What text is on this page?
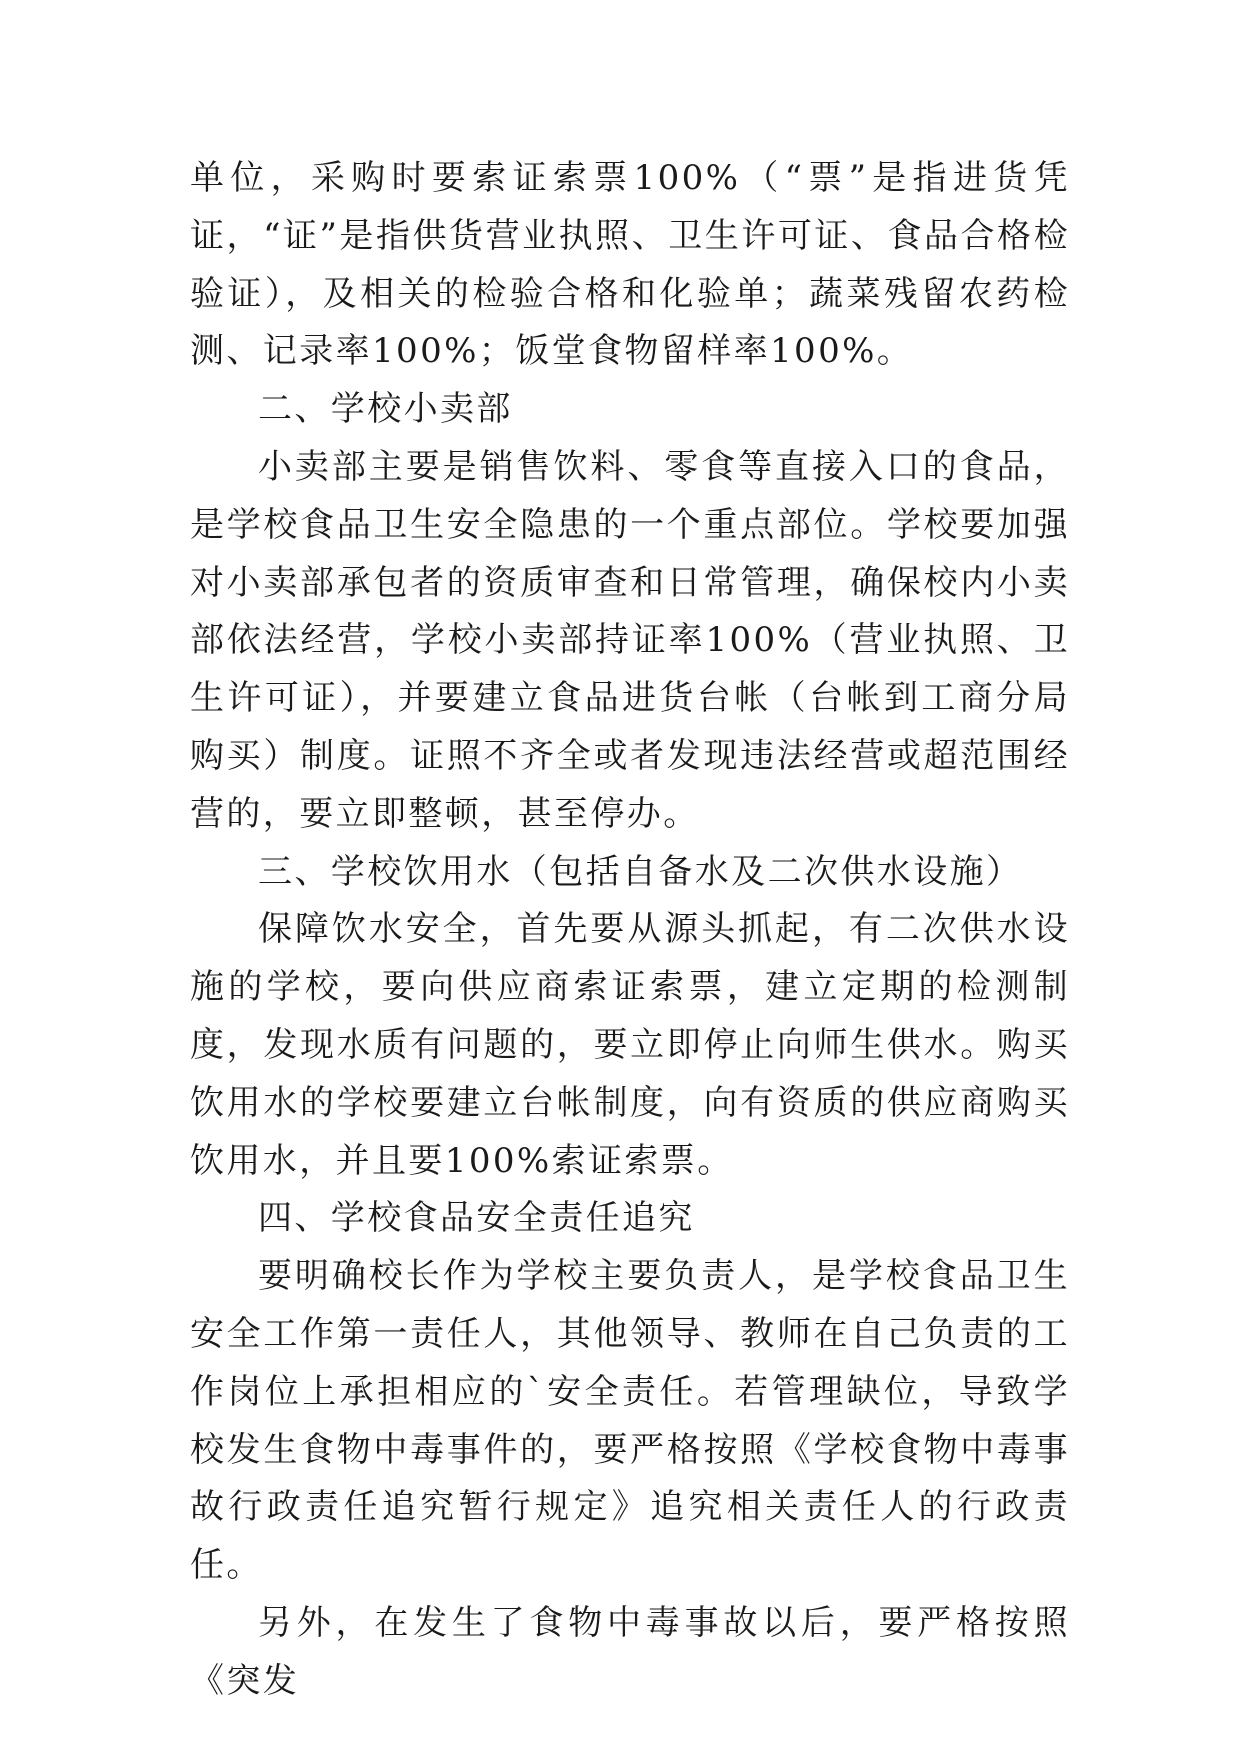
单位，采购时要索证索票100%（“票”是指进货凭证，“证”是指供货营业执照、卫生许可证、食品合格检验证），及相关的检验合格和化验单；蔬菜残留农药检测、记录率100%；饭堂食物留样率100%。

二、学校小卖部

小卖部主要是销售饮料、零食等直接入口的食品，是学校食品卫生安全隐患的一个重点部位。学校要加强对小卖部承包者的资质审查和日常管理，确保校内小卖部依法经营，学校小卖部持证率100%（营业执照、卫生许可证），并要建立食品进货台帐（台帐到工商分局购买）制度。证照不齐全或者发现违法经营或超范围经营的，要立即整顿，甚至停办。

三、学校饮用水（包括自备水及二次供水设施）

保障饮水安全，首先要从源头抓起，有二次供水设施的学校，要向供应商索证索票，建立定期的检测制度，发现水质有问题的，要立即停止向师生供水。购买饮用水的学校要建立台帐制度，向有资质的供应商购买饮用水，并且要100%索证索票。

四、学校食品安全责任追究

要明确校长作为学校主要负责人，是学校食品卫生安全工作第一责任人，其他领导、教师在自己负责的工作岗位上承担相应的`安全责任。若管理缺位，导致学校发生食物中毒事件的，要严格按照《学校食物中毒事故行政责任追究暂行规定》追究相关责任人的行政责任。

另外，在发生了食物中毒事故以后，要严格按照《突发
